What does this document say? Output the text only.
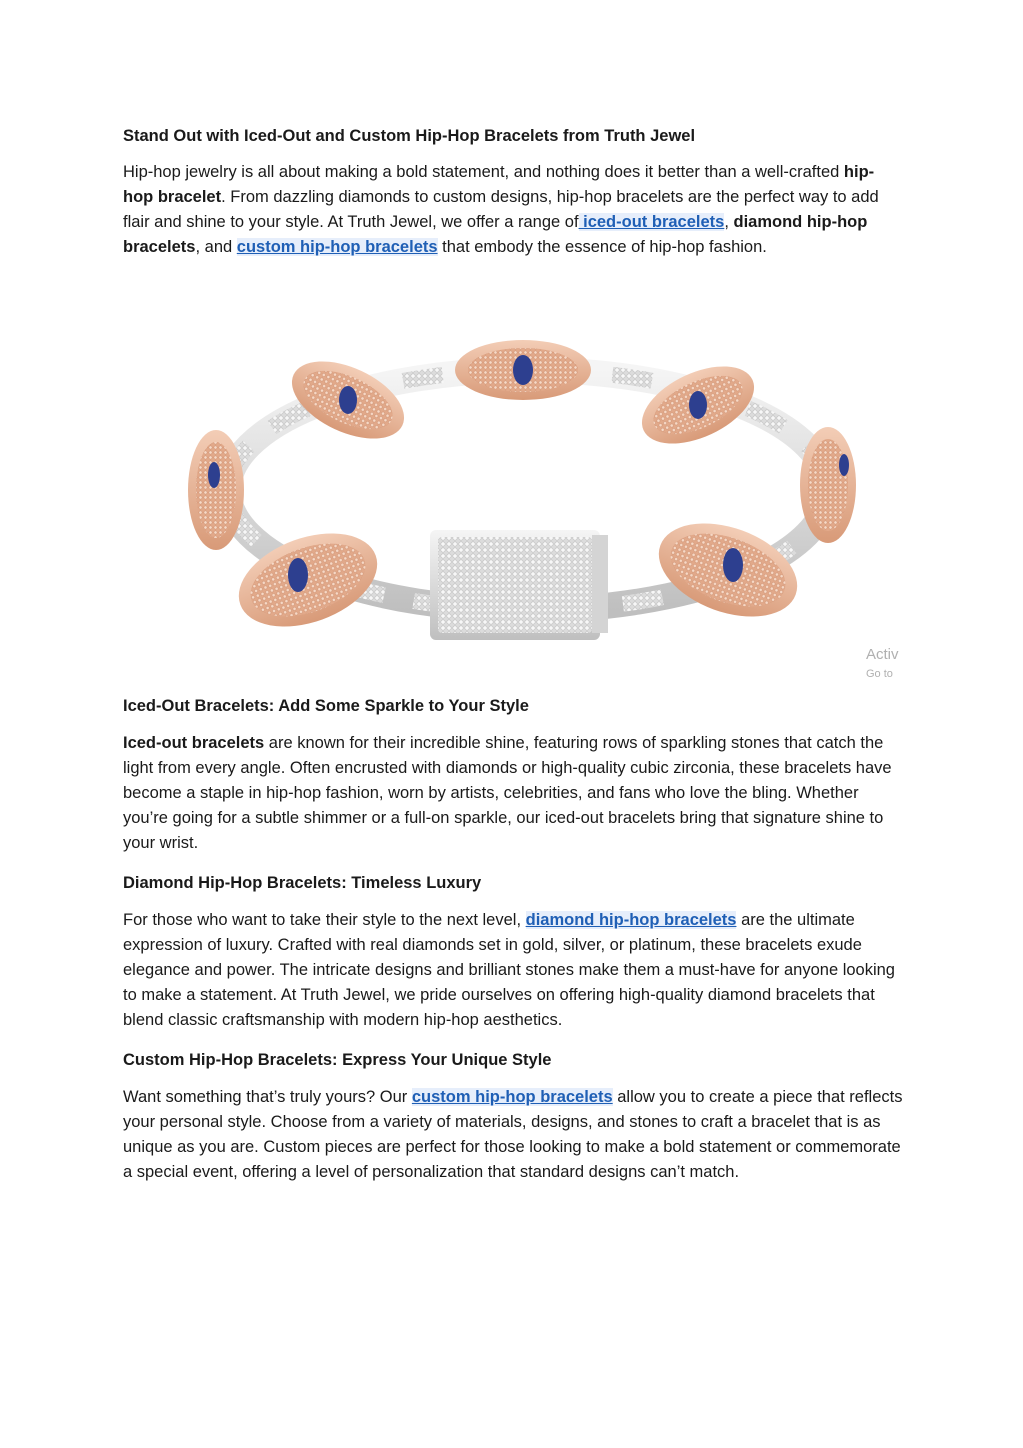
Stand Out with Iced-Out and Custom Hip-Hop Bracelets from Truth Jewel

Hip-hop jewelry is all about making a bold statement, and nothing does it better than a well-crafted hip-hop bracelet. From dazzling diamonds to custom designs, hip-hop bracelets are the perfect way to add flair and shine to your style. At Truth Jewel, we offer a range of iced-out bracelets, diamond hip-hop bracelets, and custom hip-hop bracelets that embody the essence of hip-hop fashion.

Activ
Go to
Iced-Out Bracelets: Add Some Sparkle to Your Style

Iced-out bracelets are known for their incredible shine, featuring rows of sparkling stones that catch the light from every angle. Often encrusted with diamonds or high-quality cubic zirconia, these bracelets have become a staple in hip-hop fashion, worn by artists, celebrities, and fans who love the bling. Whether you’re going for a subtle shimmer or a full-on sparkle, our iced-out bracelets bring that signature shine to your wrist.

Diamond Hip-Hop Bracelets: Timeless Luxury

For those who want to take their style to the next level, diamond hip-hop bracelets are the ultimate expression of luxury. Crafted with real diamonds set in gold, silver, or platinum, these bracelets exude elegance and power. The intricate designs and brilliant stones make them a must-have for anyone looking to make a statement. At Truth Jewel, we pride ourselves on offering high-quality diamond bracelets that blend classic craftsmanship with modern hip-hop aesthetics.

Custom Hip-Hop Bracelets: Express Your Unique Style

Want something that’s truly yours? Our custom hip-hop bracelets allow you to create a piece that reflects your personal style. Choose from a variety of materials, designs, and stones to craft a bracelet that is as unique as you are. Custom pieces are perfect for those looking to make a bold statement or commemorate a special event, offering a level of personalization that standard designs can’t match.
